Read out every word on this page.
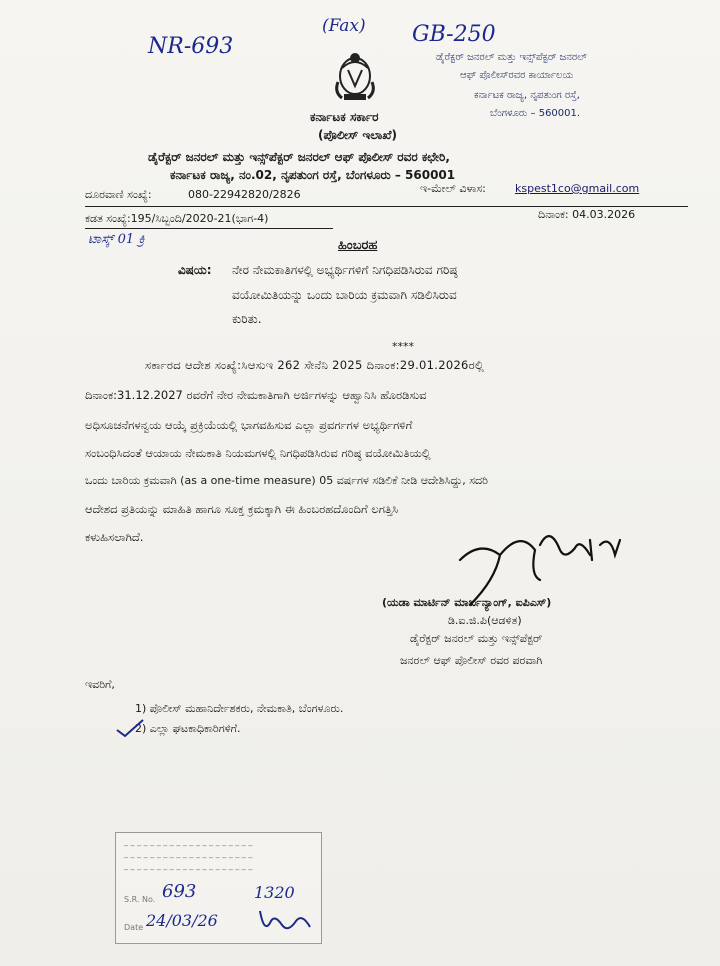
NR-693
(Fax) GB-250
ಡೈರೆಕ್ಟರ್ ಜನರಲ್ ಮತ್ತು ಇನ್ಸ್‌ಪೆಕ್ಟರ್ ಜನರಲ್
ಆಫ್ ಪೊಲೀಸ್‌ರವರ ಕಾರ್ಯಾಲಯ
ಕರ್ನಾಟಕ ರಾಜ್ಯ, ನೃಪತುಂಗ ರಸ್ತೆ,
ಬೆಂಗಳೂರು – 560001.
ಕರ್ನಾಟಕ ಸರ್ಕಾರ
(ಪೊಲೀಸ್ ಇಲಾಖೆ)
ಡೈರೆಕ್ಟರ್ ಜನರಲ್ ಮತ್ತು ಇನ್ಸ್‌ಪೆಕ್ಟರ್ ಜನರಲ್ ಆಫ್ ಪೊಲೀಸ್ ರವರ ಕಛೇರಿ,
ಕರ್ನಾಟಕ ರಾಜ್ಯ, ನಂ.02, ನೃಪತುಂಗ ರಸ್ತೆ, ಬೆಂಗಳೂರು – 560001
ದೂರವಾಣಿ ಸಂಖ್ಯೆ:	080-22942820/2826	ಇ-ಮೇಲ್ ವಿಳಾಸ:	kspest1co@gmail.com
ಕಡತ ಸಂಖ್ಯೆ:195/ಸಿಬ್ಬಂದಿ/2020-21(ಭಾಗ-4)	ದಿನಾಂಕ: 04.03.2026
ಟಾಸ್ಕ್ 01 ಕ್ರಿ	ಹಿಂಬರಹ
ವಿಷಯ: ನೇರ ನೇಮಕಾತಿಗಳಲ್ಲಿ ಅಭ್ಯರ್ಥಿಗಳಿಗೆ ನಿಗಧಿಪಡಿಸಿರುವ ಗರಿಷ್ಠ
ವಯೋಮಿತಿಯನ್ನು ಒಂದು ಬಾರಿಯ ಕ್ರಮವಾಗಿ ಸಡಿಲಿಸಿರುವ
ಕುರಿತು.
****
ಸರ್ಕಾರದ ಆದೇಶ ಸಂಖ್ಯೆ:ಸಿಆಸುಇ 262 ಸೇನೆನಿ 2025 ದಿನಾಂಕ:29.01.2026ರಲ್ಲಿ
ದಿನಾಂಕ:31.12.2027 ರವರೆಗೆ ನೇರ ನೇಮಕಾತಿಗಾಗಿ ಅರ್ಜಿಗಳನ್ನು ಆಹ್ವಾನಿಸಿ ಹೊರಡಿಸುವ
ಅಧಿಸೂಚನೆಗಳನ್ವಯ ಆಯ್ಕೆ ಪ್ರಕ್ರಿಯೆಯಲ್ಲಿ ಭಾಗವಹಿಸುವ ಎಲ್ಲಾ ಪ್ರವರ್ಗಗಳ ಅಭ್ಯರ್ಥಿಗಳಿಗೆ
ಸಂಬಂಧಿಸಿದಂತೆ ಆಯಾಯ ನೇಮಕಾತಿ ನಿಯಮಗಳಲ್ಲಿ ನಿಗಧಿಪಡಿಸಿರುವ ಗರಿಷ್ಠ ವಯೋಮಿತಿಯಲ್ಲಿ
ಒಂದು ಬಾರಿಯ ಕ್ರಮವಾಗಿ (as a one-time measure) 05 ವರ್ಷಗಳ ಸಡಿಲಿಕೆ ನೀಡಿ ಆದೇಶಿಸಿದ್ದು, ಸದರಿ
ಆದೇಶದ ಪ್ರತಿಯನ್ನು ಮಾಹಿತಿ ಹಾಗೂ ಸೂಕ್ತ ಕ್ರಮಕ್ಕಾಗಿ ಈ ಹಿಂಬರಹದೊಂದಿಗೆ ಲಗತ್ತಿಸಿ
ಕಳುಹಿಸಲಾಗಿದೆ.
(ಯಡಾ ಮಾರ್ಟಿನ್ ಮಾರ್ಬನ್ಯಾಂಗ್, ಐಪಿಎಸ್)
ಡಿ.ಐ.ಜಿ.ಪಿ(ಆಡಳಿತ)
ಡೈರೆಕ್ಟರ್ ಜನರಲ್ ಮತ್ತು ಇನ್ಸ್‌ಪೆಕ್ಟರ್
ಜನರಲ್ ಆಫ್ ಪೊಲೀಸ್ ರವರ ಪರವಾಗಿ
ಇವರಿಗೆ,
1) ಪೊಲೀಸ್ ಮಹಾನಿರ್ದೇಶಕರು, ನೇಮಕಾತಿ, ಬೆಂಗಳೂರು.
2) ಎಲ್ಲಾ ಘಟಕಾಧಿಕಾರಿಗಳಿಗೆ.
_ _ _ _ _ _ _ _ _ _ _ _ _ _ _ _ _ _ _ _
_ _ _ _ _ _ _ _ _ _ _ _ _ _ _ _ _ _ _ _
_ _ _ _ _ _ _ _ _ _ _ _ _ _ _ _ _ _ _ _
S.R. No. 693	1320
Date 24/03/26
